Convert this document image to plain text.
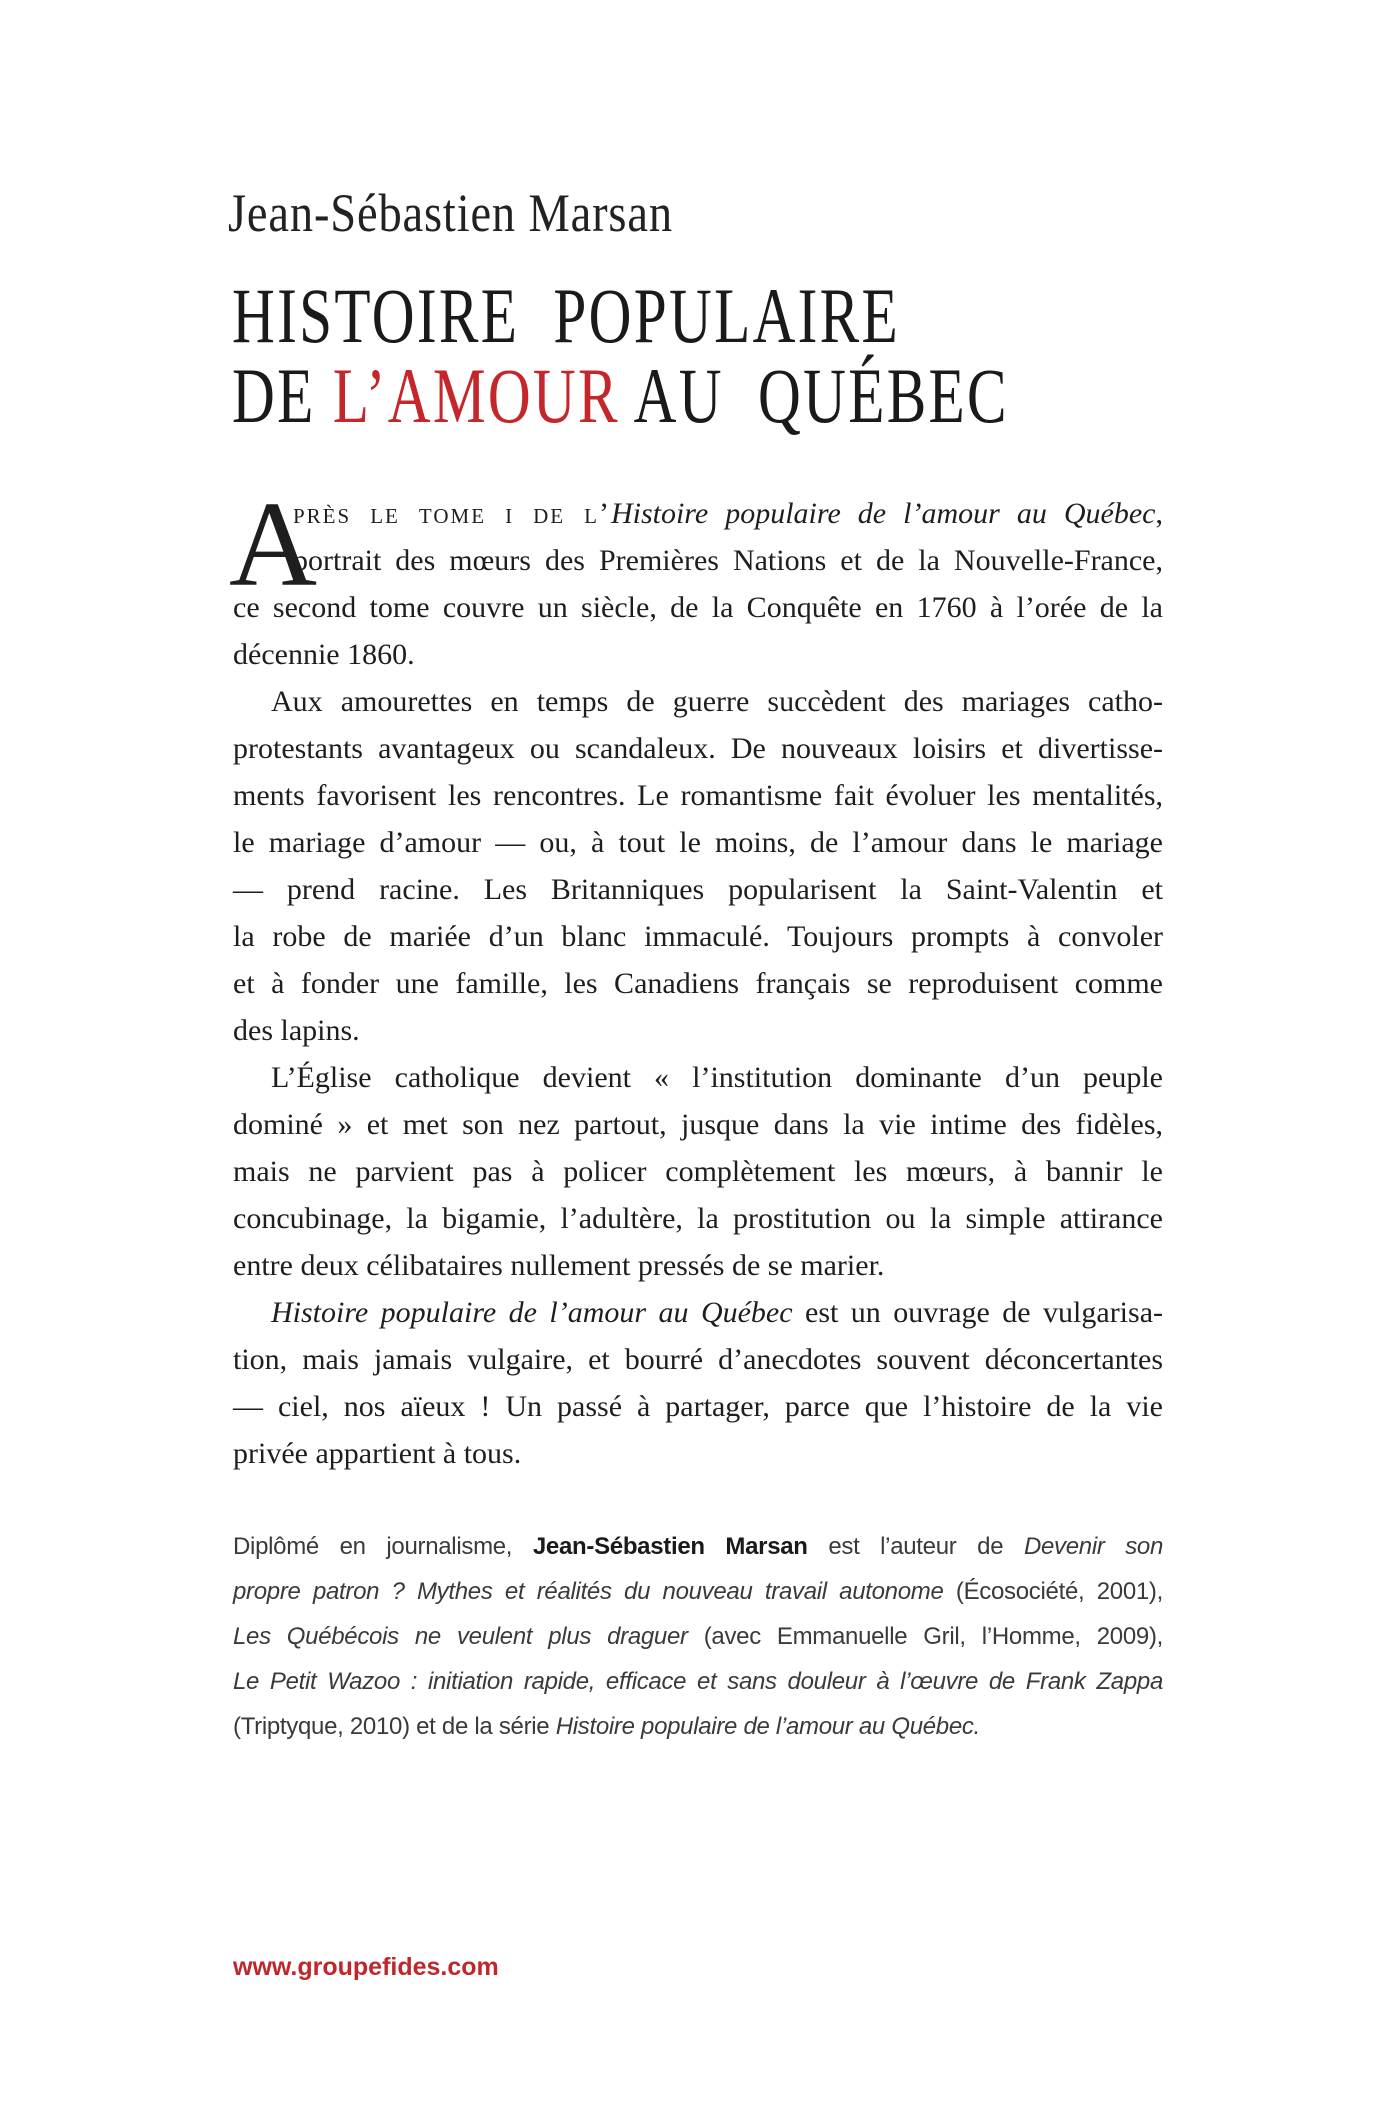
Jean-Sébastien Marsan
HISTOIRE  POPULAIRE
DE L’AMOUR AU  QUÉBEC
A
près le tome i de l’Histoire populaire de l’amour au Québec,
portrait des mœurs des Premières Nations et de la Nouvelle-France,
ce second tome couvre un siècle, de la Conquête en 1760 à l’orée de la
décennie 1860.
Aux amourettes en temps de guerre succèdent des mariages catho-
protestants avantageux ou scandaleux. De nouveaux loisirs et divertisse-
ments favorisent les rencontres. Le romantisme fait évoluer les mentalités,
le mariage d’amour — ou, à tout le moins, de l’amour dans le mariage
— prend racine. Les Britanniques popularisent la Saint-Valentin et
la robe de mariée d’un blanc immaculé. Toujours prompts à convoler
et à fonder une famille, les Canadiens français se reproduisent comme
des lapins.
L’Église catholique devient « l’institution dominante d’un peuple
dominé » et met son nez partout, jusque dans la vie intime des fidèles,
mais ne parvient pas à policer complètement les mœurs, à bannir le
concubinage, la bigamie, l’adultère, la prostitution ou la simple attirance
entre deux célibataires nullement pressés de se marier.
Histoire populaire de l’amour au Québec est un ouvrage de vulgarisa-
tion, mais jamais vulgaire, et bourré d’anecdotes souvent déconcertantes
— ciel, nos aïeux ! Un passé à partager, parce que l’histoire de la vie
privée appartient à tous.
Diplômé en journalisme, Jean-Sébastien Marsan est l’auteur de Devenir son
propre patron ? Mythes et réalités du nouveau travail autonome (Écosociété, 2001),
Les Québécois ne veulent plus draguer (avec Emmanuelle Gril, l’Homme, 2009),
Le Petit Wazoo : initiation rapide, efficace et sans douleur à l’œuvre de Frank Zappa
(Triptyque, 2010) et de la série Histoire populaire de l’amour au Québec.
www.groupefides.com
